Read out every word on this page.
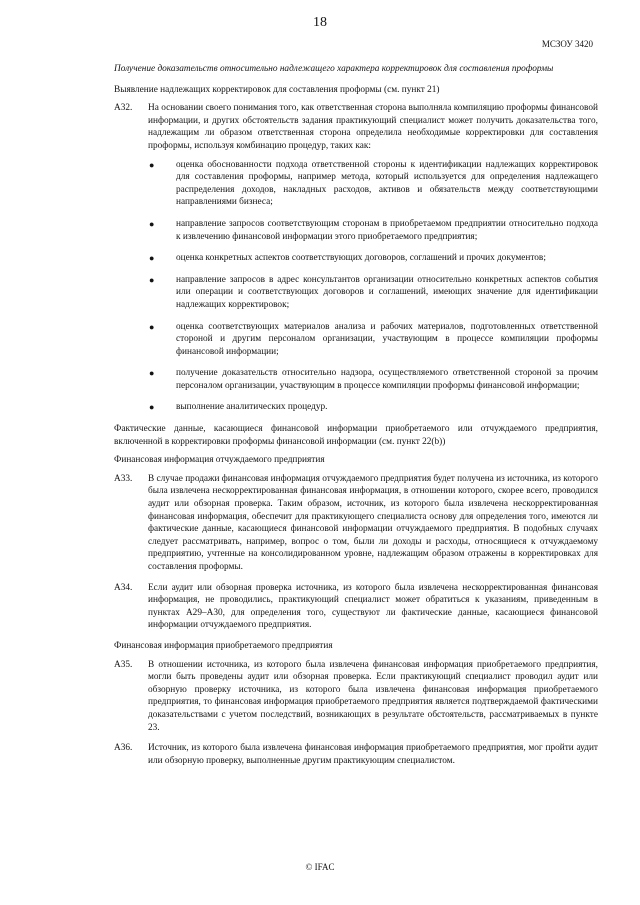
18
МСЗОУ 3420

Получение доказательств относительно надлежащего характера корректировок для составления проформы

Выявление надлежащих корректировок для составления проформы (см. пункт 21)

A32. На основании своего понимания того, как ответственная сторона выполняла компиляцию проформы финансовой информации, и других обстоятельств задания практикующий специалист может получить доказательства того, надлежащим ли образом ответственная сторона определила необходимые корректировки для составления проформы, используя комбинацию процедур, таких как:

● оценка обоснованности подхода ответственной стороны к идентификации надлежащих корректировок для составления проформы, например метода, который используется для определения надлежащего распределения доходов, накладных расходов, активов и обязательств между соответствующими направлениями бизнеса;
● направление запросов соответствующим сторонам в приобретаемом предприятии относительно подхода к извлечению финансовой информации этого приобретаемого предприятия;
● оценка конкретных аспектов соответствующих договоров, соглашений и прочих документов;
● направление запросов в адрес консультантов организации относительно конкретных аспектов события или операции и соответствующих договоров и соглашений, имеющих значение для идентификации надлежащих корректировок;
● оценка соответствующих материалов анализа и рабочих материалов, подготовленных ответственной стороной и другим персоналом организации, участвующим в процессе компиляции проформы финансовой информации;
● получение доказательств относительно надзора, осуществляемого ответственной стороной за прочим персоналом организации, участвующим в процессе компиляции проформы финансовой информации;
● выполнение аналитических процедур.

Фактические данные, касающиеся финансовой информации приобретаемого или отчуждаемого предприятия, включенной в корректировки проформы финансовой информации (см. пункт 22(b))

Финансовая информация отчуждаемого предприятия

A33. В случае продажи финансовая информация отчуждаемого предприятия будет получена из источника, из которого была извлечена нескорректированная финансовая информация, в отношении которого, скорее всего, проводился аудит или обзорная проверка. Таким образом, источник, из которого была извлечена нескорректированная финансовая информация, обеспечит для практикующего специалиста основу для определения того, имеются ли фактические данные, касающиеся финансовой информации отчуждаемого предприятия. В подобных случаях следует рассматривать, например, вопрос о том, были ли доходы и расходы, относящиеся к отчуждаемому предприятию, учтенные на консолидированном уровне, надлежащим образом отражены в корректировках для составления проформы.

A34. Если аудит или обзорная проверка источника, из которого была извлечена нескорректированная финансовая информация, не проводились, практикующий специалист может обратиться к указаниям, приведенным в пунктах A29–A30, для определения того, существуют ли фактические данные, касающиеся финансовой информации отчуждаемого предприятия.

Финансовая информация приобретаемого предприятия

A35. В отношении источника, из которого была извлечена финансовая информация приобретаемого предприятия, могли быть проведены аудит или обзорная проверка. Если практикующий специалист проводил аудит или обзорную проверку источника, из которого была извлечена финансовая информация приобретаемого предприятия, то финансовая информация приобретаемого предприятия является подтверждаемой фактическими доказательствами с учетом последствий, возникающих в результате обстоятельств, рассматриваемых в пункте 23.

A36. Источник, из которого была извлечена финансовая информация приобретаемого предприятия, мог пройти аудит или обзорную проверку, выполненные другим практикующим специалистом.

© IFAC
